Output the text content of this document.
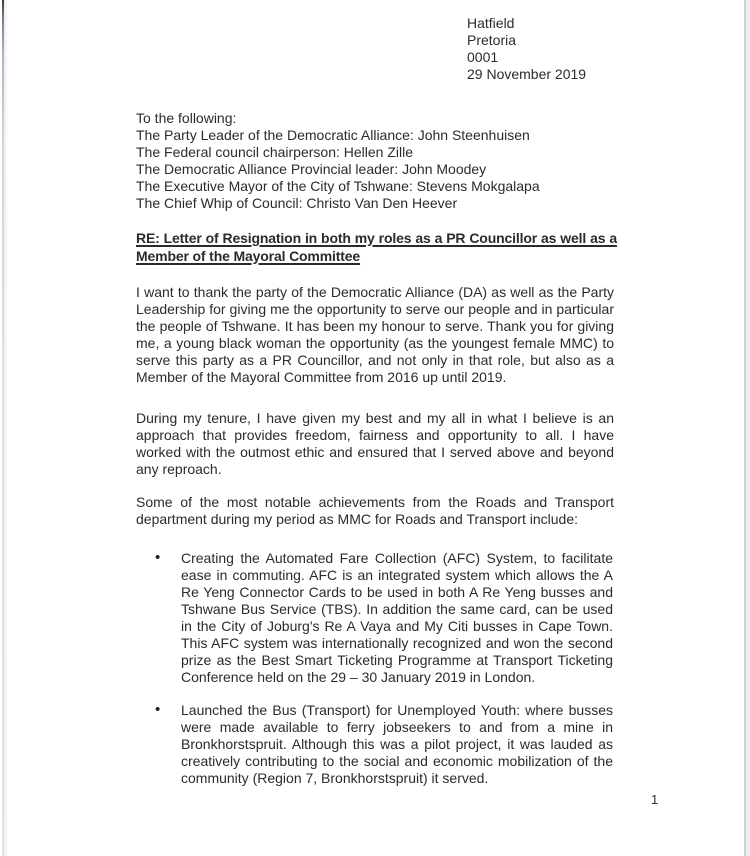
Hatfield
Pretoria
0001
29 November 2019
To the following:
The Party Leader of the Democratic Alliance: John Steenhuisen
The Federal council chairperson: Hellen Zille
The Democratic Alliance Provincial leader: John Moodey
The Executive Mayor of the City of Tshwane: Stevens Mokgalapa
The Chief Whip of Council: Christo Van Den Heever
RE: Letter of Resignation in both my roles as a PR Councillor as well as a Member of the Mayoral Committee
I want to thank the party of the Democratic Alliance (DA) as well as the Party Leadership for giving me the opportunity to serve our people and in particular the people of Tshwane. It has been my honour to serve. Thank you for giving me, a young black woman the opportunity (as the youngest female MMC) to serve this party as a PR Councillor, and not only in that role, but also as a Member of the Mayoral Committee from 2016 up until 2019.
During my tenure, I have given my best and my all in what I believe is an approach that provides freedom, fairness and opportunity to all. I have worked with the outmost ethic and ensured that I served above and beyond any reproach.
Some of the most notable achievements from the Roads and Transport department during my period as MMC for Roads and Transport include:
• Creating the Automated Fare Collection (AFC) System, to facilitate ease in commuting. AFC is an integrated system which allows the A Re Yeng Connector Cards to be used in both A Re Yeng busses and Tshwane Bus Service (TBS). In addition the same card, can be used in the City of Joburg's Re A Vaya and My Citi busses in Cape Town. This AFC system was internationally recognized and won the second prize as the Best Smart Ticketing Programme at Transport Ticketing Conference held on the 29 – 30 January 2019 in London.
• Launched the Bus (Transport) for Unemployed Youth: where busses were made available to ferry jobseekers to and from a mine in Bronkhorstspruit. Although this was a pilot project, it was lauded as creatively contributing to the social and economic mobilization of the community (Region 7, Bronkhorstspruit) it served.
1
